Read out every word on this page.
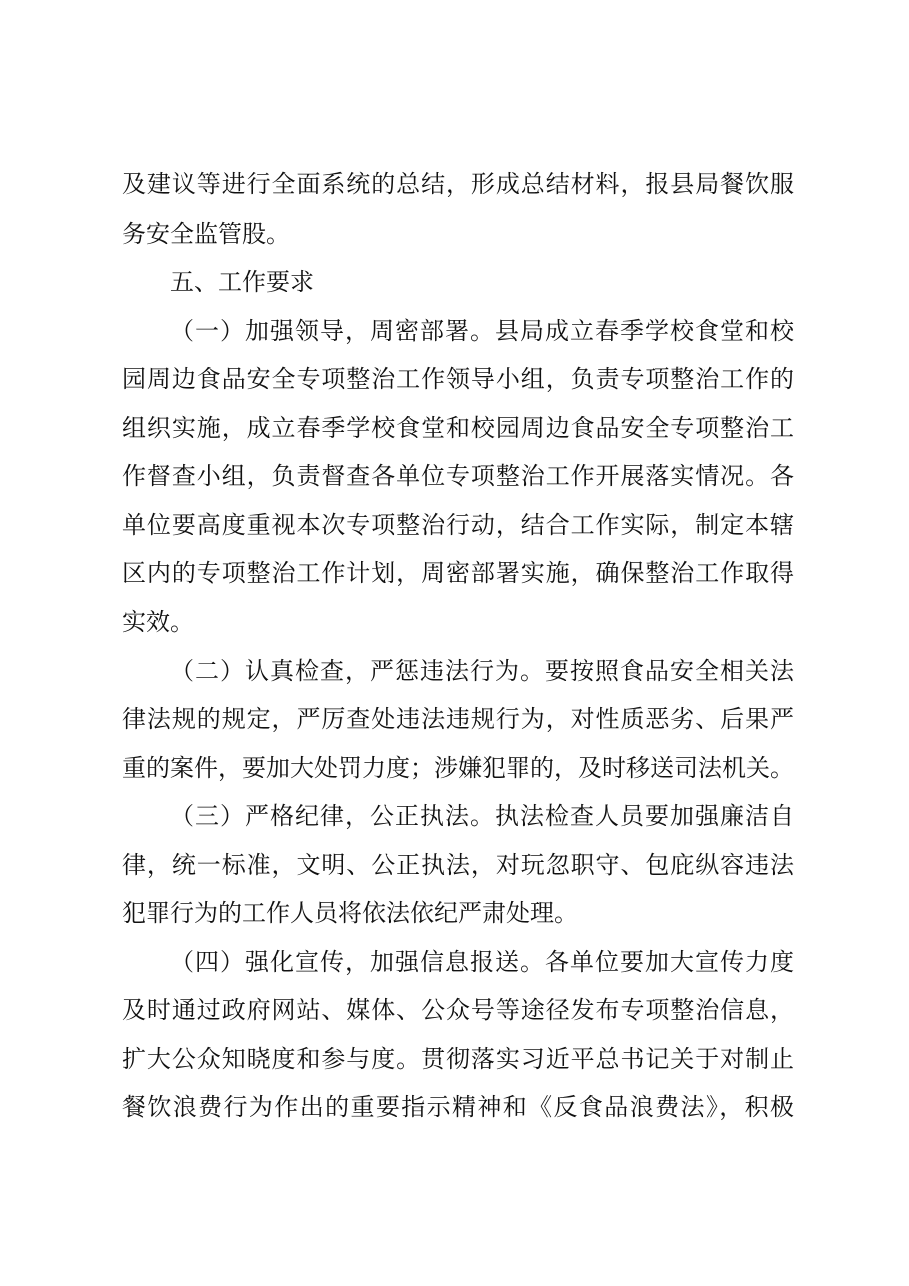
及建议等进行全面系统的总结，形成总结材料，报县局餐饮服
务安全监管股。
五、工作要求
（一）加强领导，周密部署。县局成立春季学校食堂和校
园周边食品安全专项整治工作领导小组，负责专项整治工作的
组织实施，成立春季学校食堂和校园周边食品安全专项整治工
作督查小组，负责督查各单位专项整治工作开展落实情况。各
单位要高度重视本次专项整治行动，结合工作实际，制定本辖
区内的专项整治工作计划，周密部署实施，确保整治工作取得
实效。
（二）认真检查，严惩违法行为。要按照食品安全相关法
律法规的规定，严厉查处违法违规行为，对性质恶劣、后果严
重的案件，要加大处罚力度；涉嫌犯罪的，及时移送司法机关。
（三）严格纪律，公正执法。执法检查人员要加强廉洁自
律，统一标准，文明、公正执法，对玩忽职守、包庇纵容违法
犯罪行为的工作人员将依法依纪严肃处理。
（四）强化宣传，加强信息报送。各单位要加大宣传力度
及时通过政府网站、媒体、公众号等途径发布专项整治信息，
扩大公众知晓度和参与度。贯彻落实习近平总书记关于对制止
餐饮浪费行为作出的重要指示精神和《反食品浪费法》，积极
